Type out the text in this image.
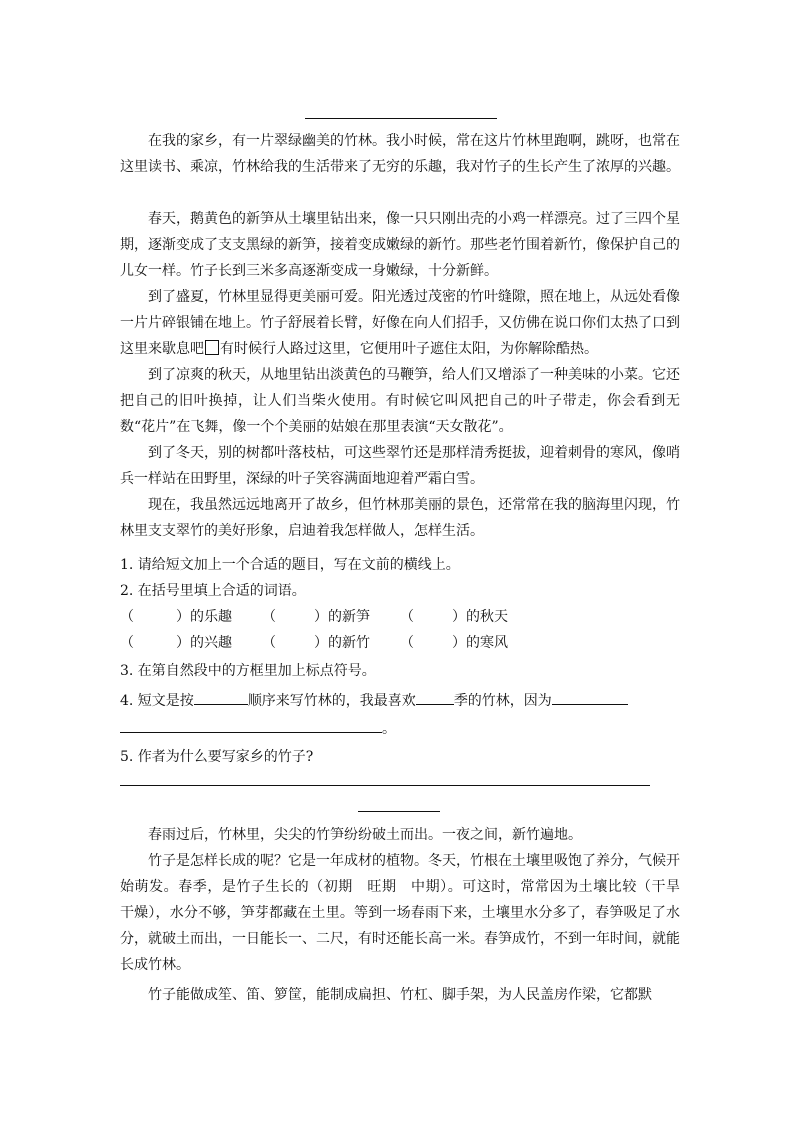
在我的家乡，有一片翠绿幽美的竹林。我小时候，常在这片竹林里跑啊，跳呀，也常在这里读书、乘凉，竹林给我的生活带来了无穷的乐趣，我对竹子的生长产生了浓厚的兴趣。

春天，鹅黄色的新笋从土壤里钻出来，像一只只刚出壳的小鸡一样漂亮。过了三四个星期，逐渐变成了支支黑绿的新笋，接着变成嫩绿的新竹。那些老竹围着新竹，像保护自己的儿女一样。竹子长到三米多高逐渐变成一身嫩绿，十分新鲜。

到了盛夏，竹林里显得更美丽可爱。阳光透过茂密的竹叶缝隙，照在地上，从远处看像一片片碎银铺在地上。竹子舒展着长臂，好像在向人们招手，又仿佛在说口你们太热了口到这里来歇息吧 有时候行人路过这里，它便用叶子遮住太阳，为你解除酷热。

到了凉爽的秋天，从地里钻出淡黄色的马鞭笋，给人们又增添了一种美味的小菜。它还把自己的旧叶换掉，让人们当柴火使用。有时候它叫风把自己的叶子带走，你会看到无数“花片”在飞舞，像一个个美丽的姑娘在那里表演“天女散花”。

到了冬天，别的树都叶落枝枯，可这些翠竹还是那样清秀挺拔，迎着刺骨的寒风，像哨兵一样站在田野里，深绿的叶子笑容满面地迎着严霜白雪。

现在，我虽然远远地离开了故乡，但竹林那美丽的景色，还常常在我的脑海里闪现，竹林里支支翠竹的美好形象，启迪着我怎样做人，怎样生活。

1. 请给短文加上一个合适的题目，写在文前的横线上。

2. 在括号里填上合适的词语。

（	）的乐趣 （	）的新笋 （	）的秋天

（	）的兴趣 （	）的新竹 （	）的寒风

3. 在第自然段中的方框里加上标点符号。

4. 短文是按	顺序来写竹林的，我最喜欢	季的竹林，因为

。

5. 作者为什么要写家乡的竹子?

春雨过后，竹林里，尖尖的竹笋纷纷破土而出。一夜之间，新竹遍地。

竹子是怎样长成的呢？它是一年成材的植物。冬天，竹根在土壤里吸饱了养分，气候开始萌发。春季，是竹子生长的（初期　旺期　中期）。可这时，常常因为土壤比较（干旱　干燥），水分不够，笋芽都藏在土里。等到一场春雨下来，土壤里水分多了，春笋吸足了水分，就破土而出，一日能长一、二尺，有时还能长高一米。春笋成竹，不到一年时间，就能长成竹林。

竹子能做成笙、笛、箩筐，能制成扁担、竹杠、脚手架，为人民盖房作梁，它都默
